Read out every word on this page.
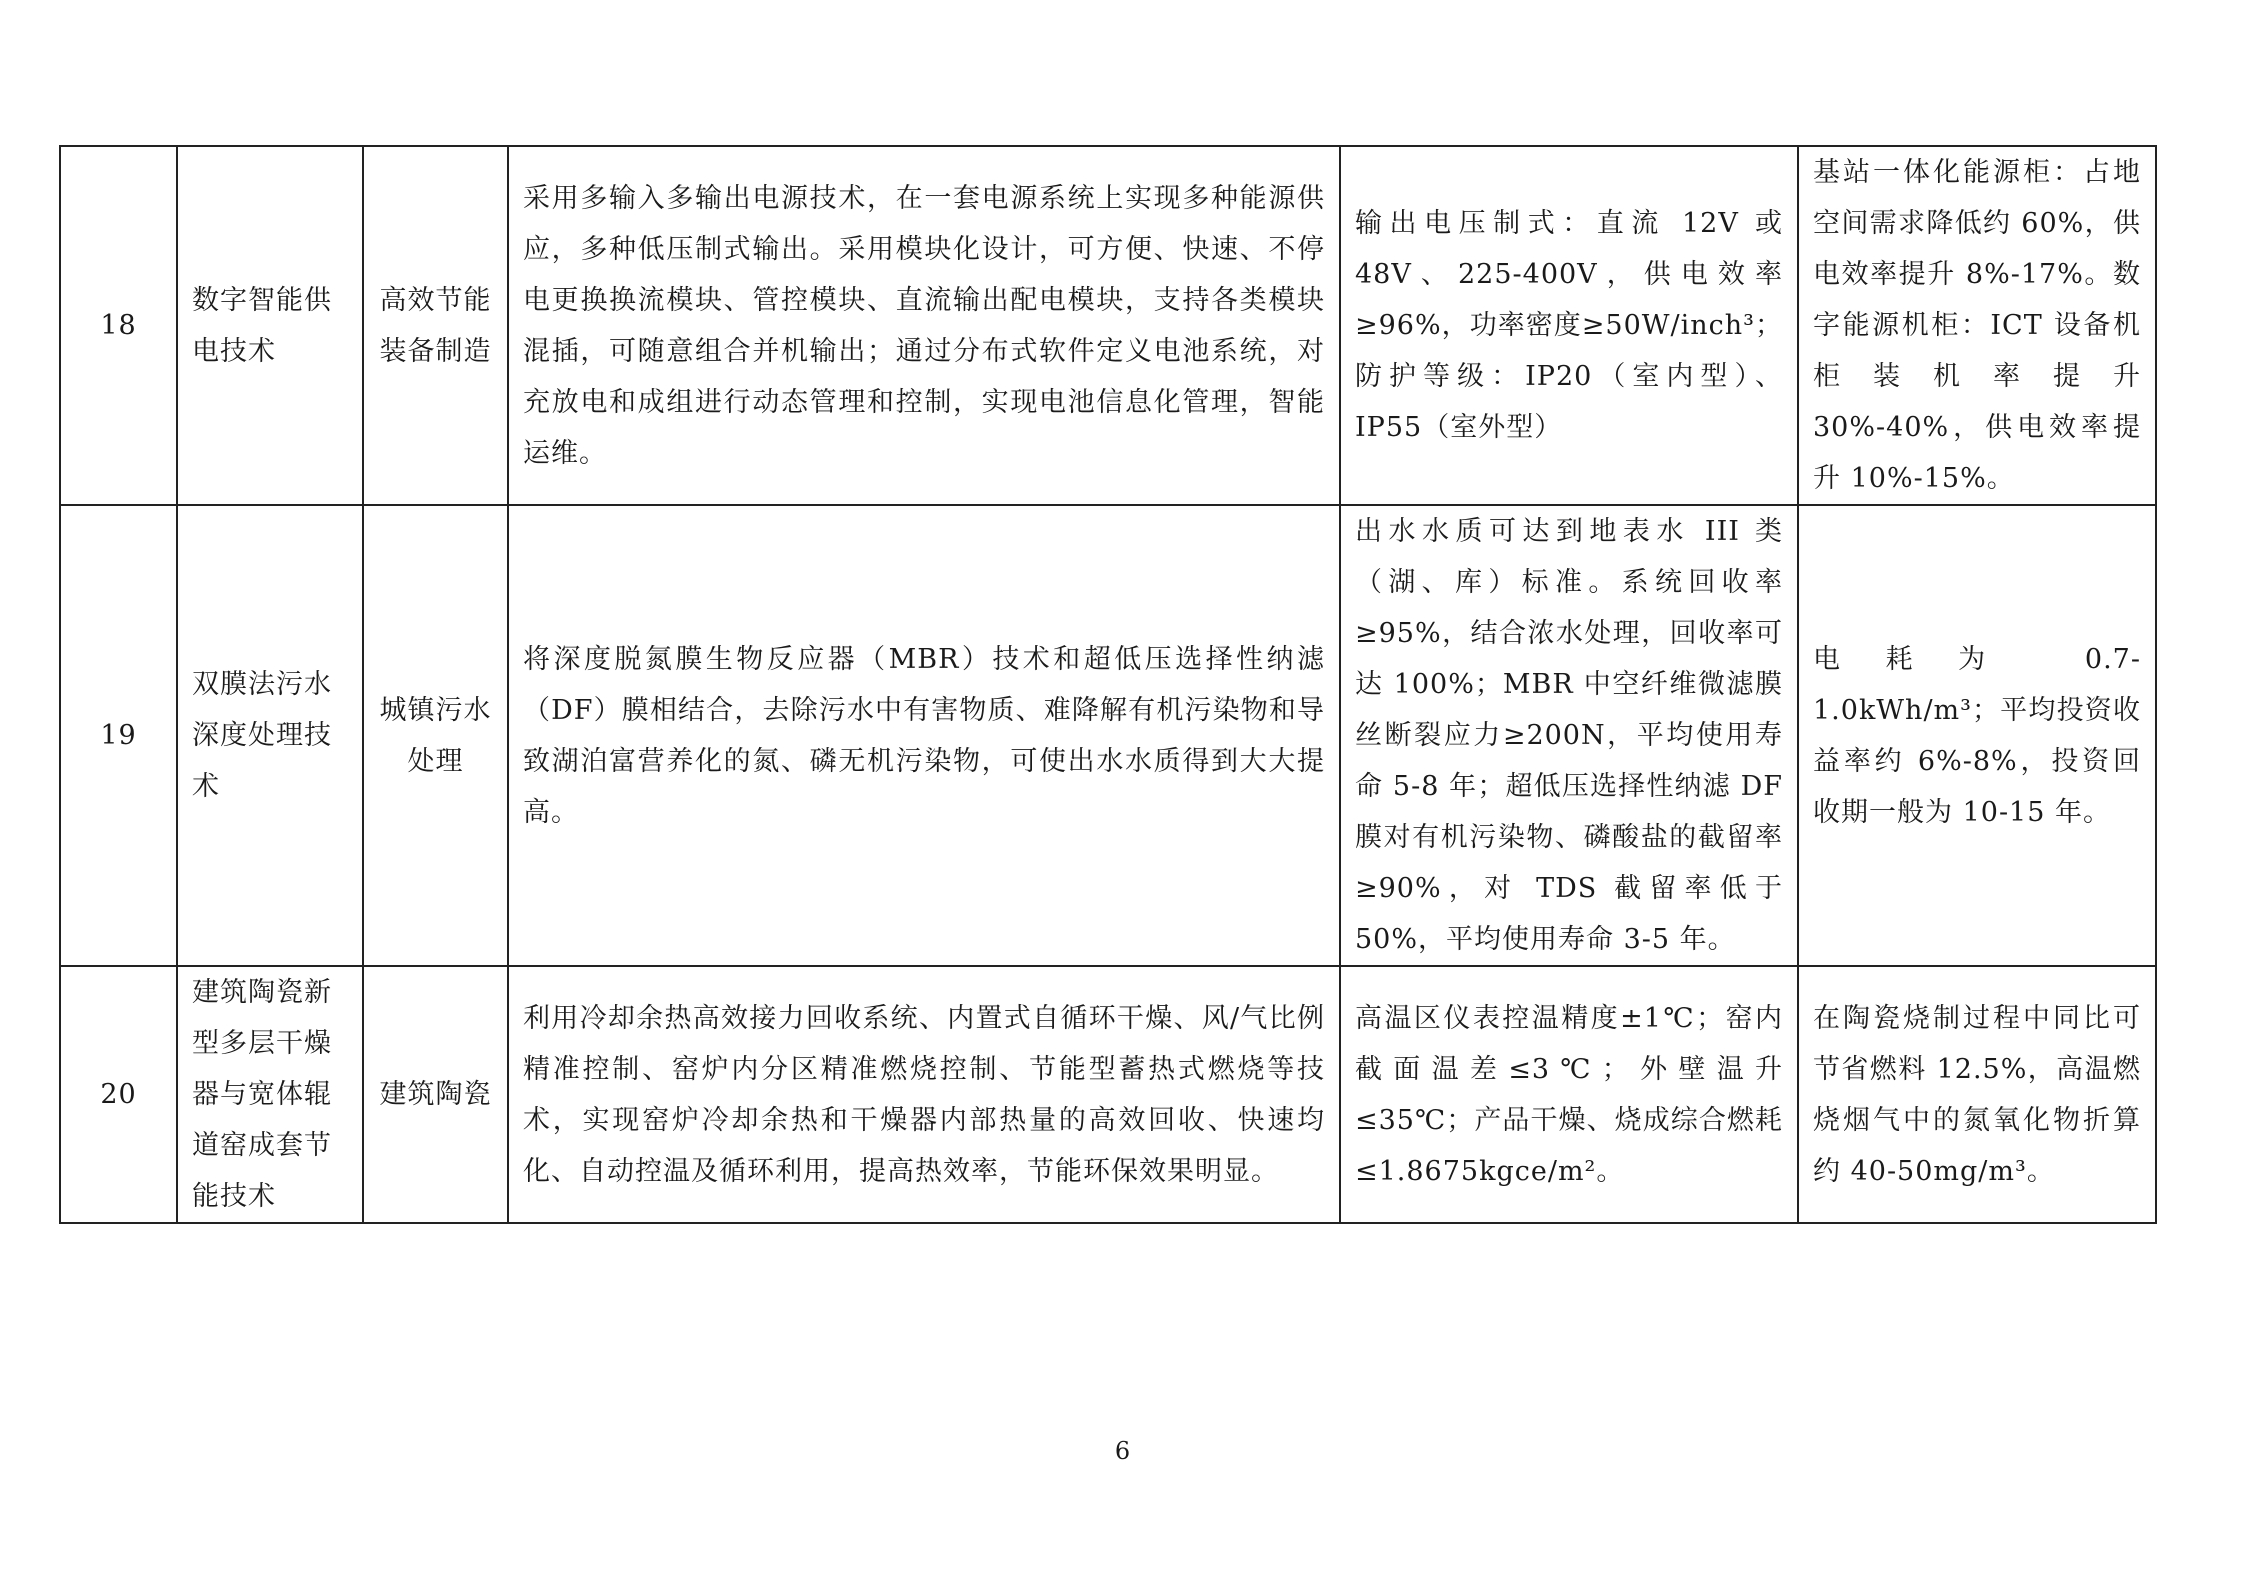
18	数字智能供电技术	高效节能装备制造	采用多输入多输出电源技术，在一套电源系统上实现多种能源供应，多种低压制式输出。采用模块化设计，可方便、快速、不停电更换换流模块、管控模块、直流输出配电模块，支持各类模块混插，可随意组合并机输出；通过分布式软件定义电池系统，对充放电和成组进行动态管理和控制，实现电池信息化管理，智能运维。	输出电压制式：直流 12V 或 48V、225-400V，供电效率≥96%，功率密度≥50W/inch³；防护等级：IP20（室内型）、IP55（室外型）	基站一体化能源柜：占地空间需求降低约 60%，供电效率提升 8%-17%。数字能源机柜：ICT 设备机柜装机率提升 30%-40%，供电效率提升 10%-15%。
19	双膜法污水深度处理技术	城镇污水处理	将深度脱氮膜生物反应器（MBR）技术和超低压选择性纳滤（DF）膜相结合，去除污水中有害物质、难降解有机污染物和导致湖泊富营养化的氮、磷无机污染物，可使出水水质得到大大提高。	出水水质可达到地表水 III 类（湖、库）标准。系统回收率≥95%，结合浓水处理，回收率可达 100%；MBR 中空纤维微滤膜丝断裂应力≥200N，平均使用寿命 5-8 年；超低压选择性纳滤 DF 膜对有机污染物、磷酸盐的截留率≥90%，对 TDS 截留率低于 50%，平均使用寿命 3-5 年。	电耗为 0.7-1.0kWh/m³；平均投资收益率约 6%-8%，投资回收期一般为 10-15 年。
20	建筑陶瓷新型多层干燥器与宽体辊道窑成套节能技术	建筑陶瓷	利用冷却余热高效接力回收系统、内置式自循环干燥、风/气比例精准控制、窑炉内分区精准燃烧控制、节能型蓄热式燃烧等技术，实现窑炉冷却余热和干燥器内部热量的高效回收、快速均化、自动控温及循环利用，提高热效率，节能环保效果明显。	高温区仪表控温精度±1℃；窑内截面温差≤3℃；外壁温升≤35℃；产品干燥、烧成综合燃耗≤1.8675kgce/m²。	在陶瓷烧制过程中同比可节省燃料 12.5%，高温燃烧烟气中的氮氧化物折算约 40-50mg/m³。
6
